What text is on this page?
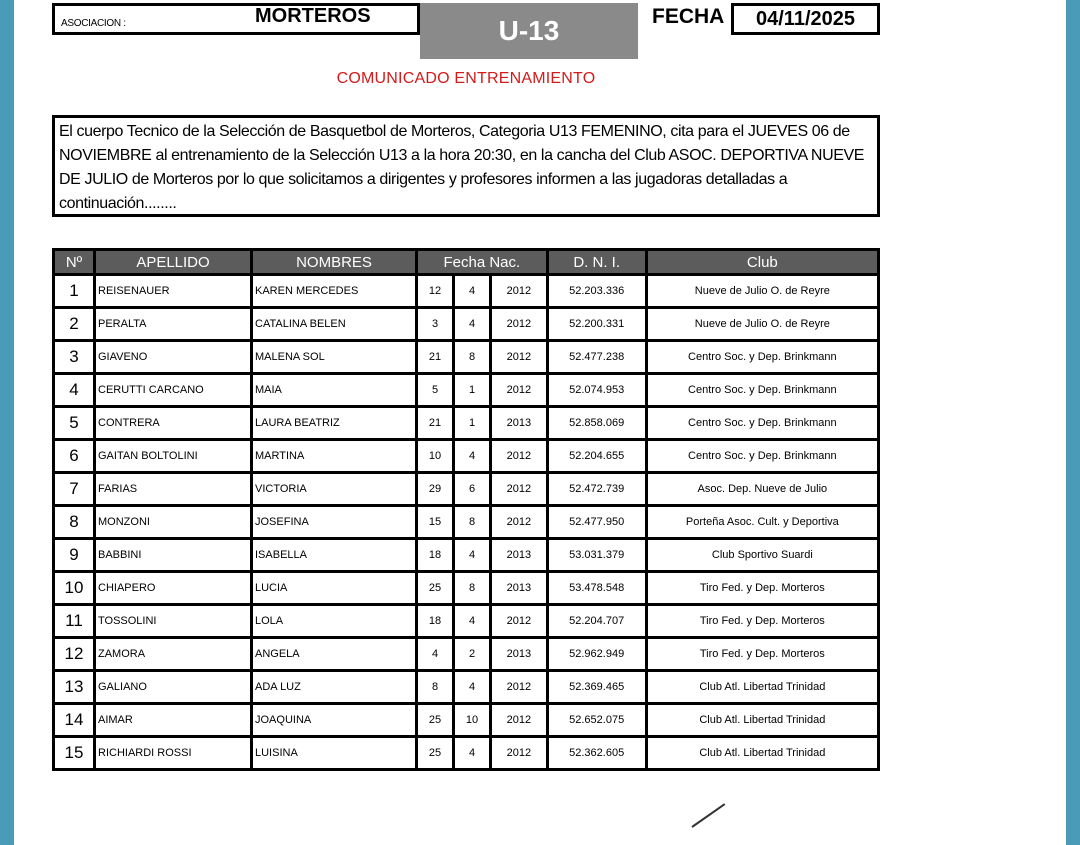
ASOCIACION :	MORTEROS	U-13	FECHA	04/11/2025
COMUNICADO ENTRENAMIENTO
El cuerpo Tecnico de la Selección de Basquetbol de Morteros, Categoria U13 FEMENINO, cita para el JUEVES 06 de NOVIEMBRE al entrenamiento de la Selección U13 a la hora 20:30, en la cancha del Club ASOC. DEPORTIVA NUEVE DE JULIO de Morteros por lo que solicitamos a dirigentes y profesores informen a las jugadoras detalladas a continuación........
Nº	APELLIDO	NOMBRES	Fecha Nac.			D. N. I.	Club
1	REISENAUER	KAREN MERCEDES	12	4	2012	52.203.336	Nueve de Julio O. de Reyre
2	PERALTA	CATALINA BELEN	3	4	2012	52.200.331	Nueve de Julio O. de Reyre
3	GIAVENO	MALENA SOL	21	8	2012	52.477.238	Centro Soc. y Dep. Brinkmann
4	CERUTTI CARCANO	MAIA	5	1	2012	52.074.953	Centro Soc. y Dep. Brinkmann
5	CONTRERA	LAURA BEATRIZ	21	1	2013	52.858.069	Centro Soc. y Dep. Brinkmann
6	GAITAN BOLTOLINI	MARTINA	10	4	2012	52.204.655	Centro Soc. y Dep. Brinkmann
7	FARIAS	VICTORIA	29	6	2012	52.472.739	Asoc. Dep. Nueve de Julio
8	MONZONI	JOSEFINA	15	8	2012	52.477.950	Porteña Asoc. Cult. y Deportiva
9	BABBINI	ISABELLA	18	4	2013	53.031.379	Club Sportivo Suardi
10	CHIAPERO	LUCIA	25	8	2013	53.478.548	Tiro Fed. y Dep. Morteros
11	TOSSOLINI	LOLA	18	4	2012	52.204.707	Tiro Fed. y Dep. Morteros
12	ZAMORA	ANGELA	4	2	2013	52.962.949	Tiro Fed. y Dep. Morteros
13	GALIANO	ADA LUZ	8	4	2012	52.369.465	Club Atl. Libertad Trinidad
14	AIMAR	JOAQUINA	25	10	2012	52.652.075	Club Atl. Libertad Trinidad
15	RICHIARDI ROSSI	LUISINA	25	4	2012	52.362.605	Club Atl. Libertad Trinidad
